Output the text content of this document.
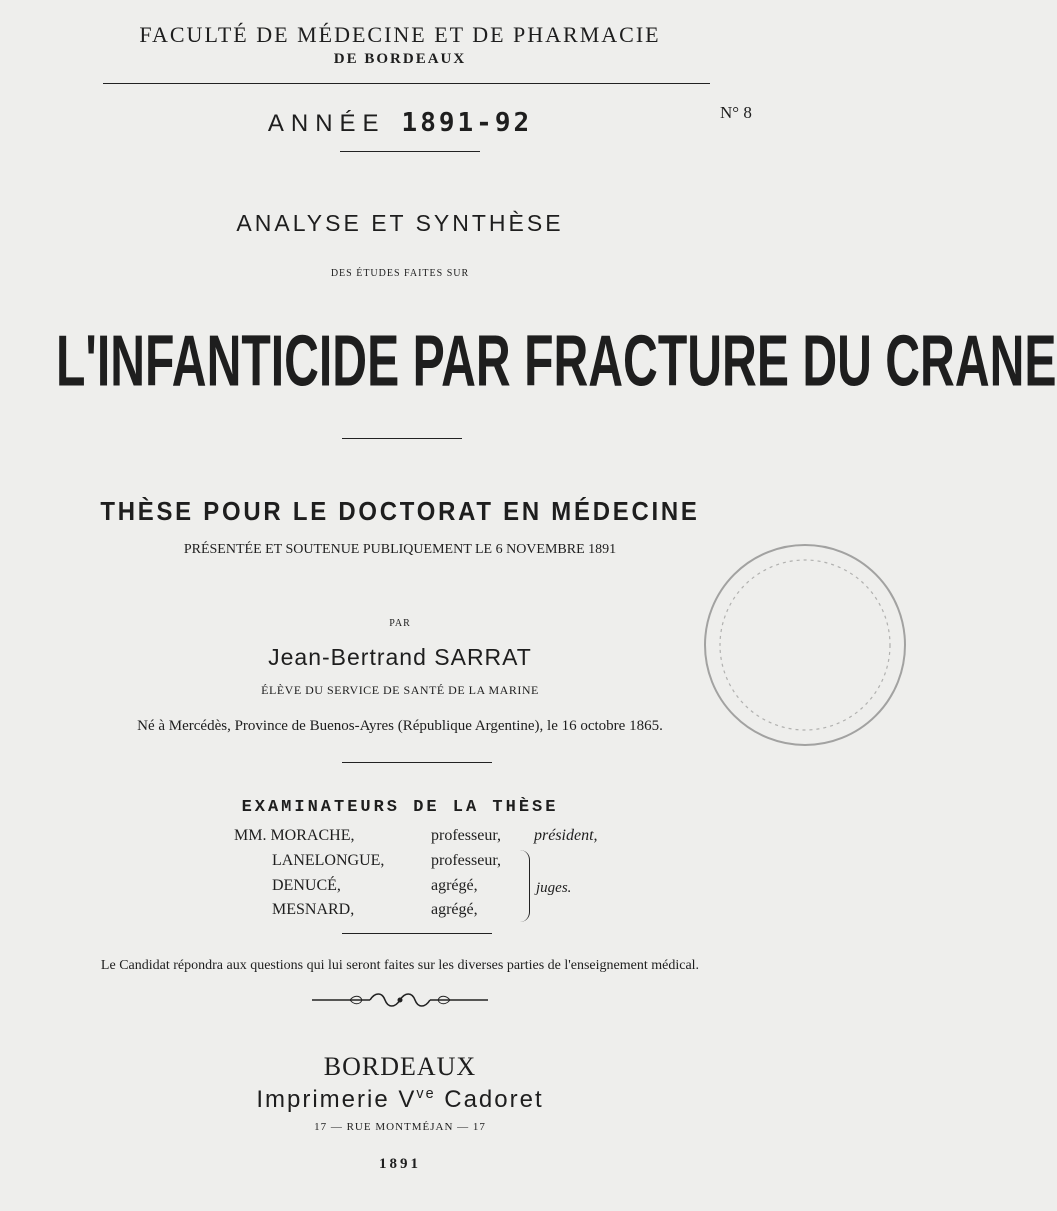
FACULTÉ DE MÉDECINE ET DE PHARMACIE
DE BORDEAUX
ANNÉE 1891-92	N° 8
ANALYSE ET SYNTHÈSE
DES ÉTUDES FAITES SUR
L'INFANTICIDE PAR FRACTURE DU CRANE
THÈSE POUR LE DOCTORAT EN MÉDECINE
PRÉSENTÉE ET SOUTENUE PUBLIQUEMENT LE 6 NOVEMBRE 1891
PAR
Jean-Bertrand SARRAT
ÉLÈVE DU SERVICE DE SANTÉ DE LA MARINE
Né à Mercédès, Province de Buenos-Ayres (République Argentine), le 16 octobre 1865.
EXAMINATEURS DE LA THÈSE
MM. MORACHE,	professeur, président,
LANELONGUE,	professeur,
DENUCÉ,	agrégé,
MESNARD,	agrégé,
juges.
Le Candidat répondra aux questions qui lui seront faites sur les diverses parties de l'enseignement médical.
BORDEAUX
Imprimerie $V^{ve}$ Cadoret
17 — RUE MONTMÉJAN — 17
1891
